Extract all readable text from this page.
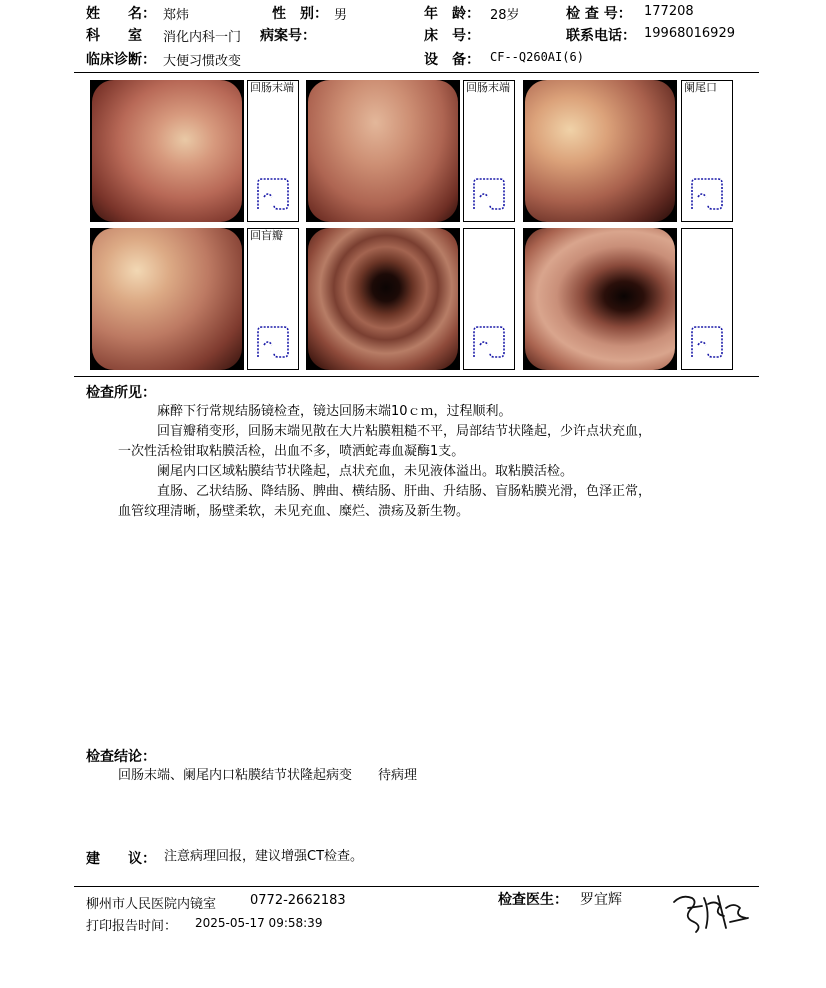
姓　　名： 郑炜	性　别： 男	年　龄： 28岁	检 查 号： 177208
科　　室 消化内科一门 病案号：	床　号：	联系电话： 19968016929
临床诊断： 大便习惯改变	设　备： CF--Q260AI(6)
回肠末端	回肠末端	阑尾口
回盲瓣
检查所见：
　　　麻醉下行常规结肠镜检查，镜达回肠末端10ｃｍ，过程顺利。
　　　回盲瓣稍变形，回肠末端见散在大片粘膜粗糙不平，局部结节状隆起，少许点状充血，
一次性活检钳取粘膜活检，出血不多，喷洒蛇毒血凝酶1支。
　　　阑尾内口区域粘膜结节状隆起，点状充血，未见液体溢出。取粘膜活检。
　　　直肠、乙状结肠、降结肠、脾曲、横结肠、肝曲、升结肠、盲肠粘膜光滑，色泽正常，
血管纹理清晰，肠壁柔软，未见充血、糜烂、溃疡及新生物。
检查结论：
回肠末端、阑尾内口粘膜结节状隆起病变　　待病理
建　　议： 注意病理回报，建议增强CT检查。
柳州市人民医院内镜室	0772-2662183
打印报告时间： 2025-05-17 09:58:39
检查医生： 罗宜辉
